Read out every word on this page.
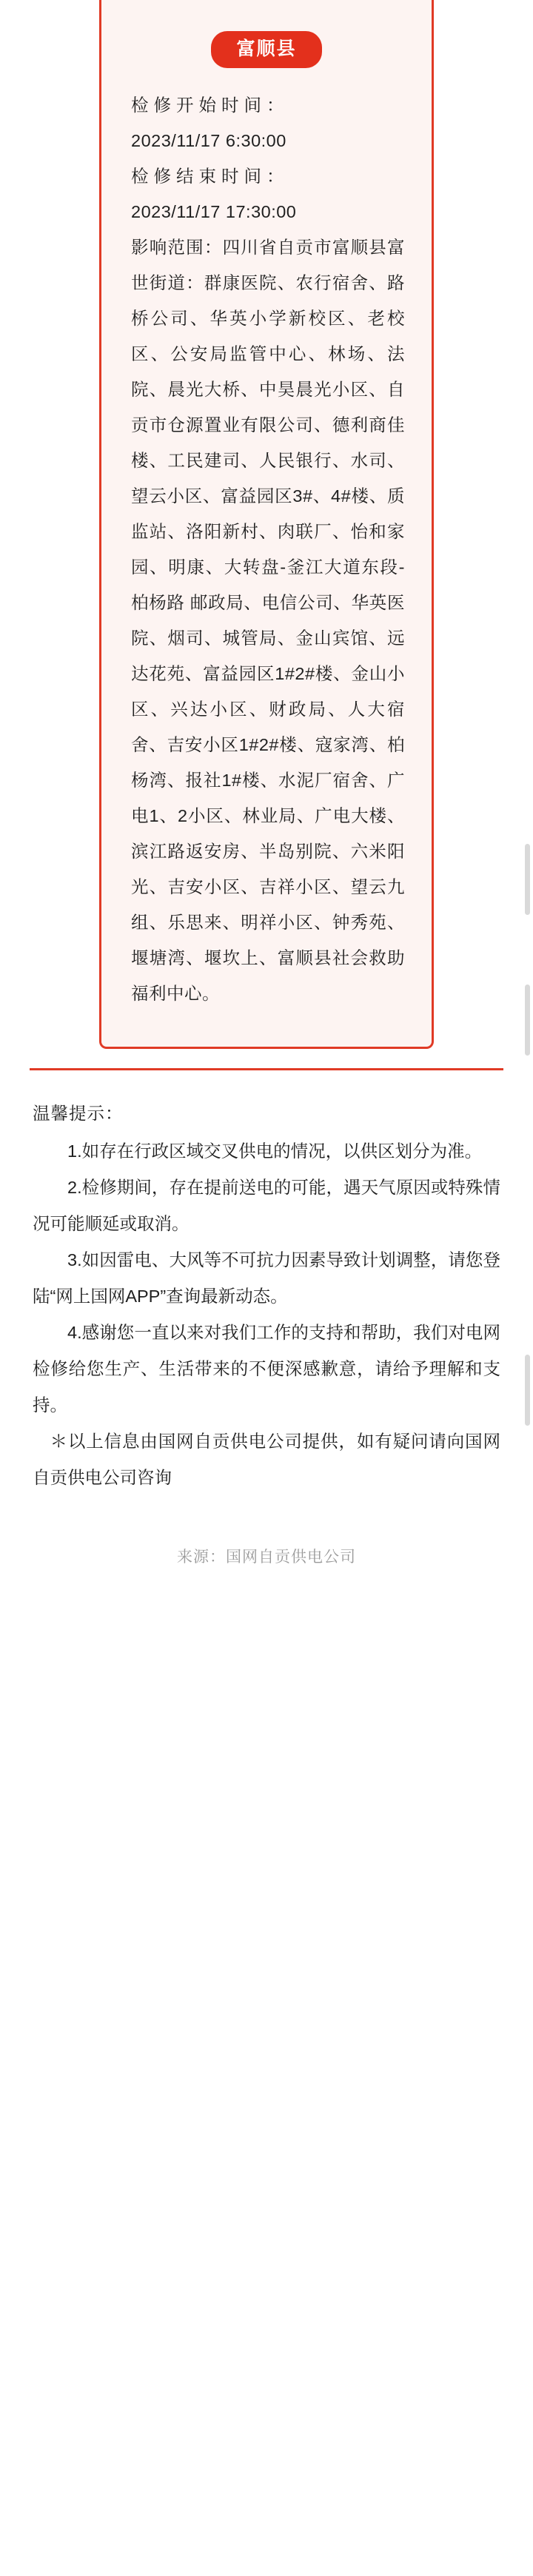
富顺县
检修开始时间：
2023/11/17 6:30:00
检修结束时间：
2023/11/17 17:30:00
影响范围：四川省自贡市富顺县富世街道：群康医院、农行宿舍、路桥公司、华英小学新校区、老校区、公安局监管中心、林场、法院、晨光大桥、中昊晨光小区、自贡市仓源置业有限公司、德利商佳楼、工民建司、人民银行、水司、望云小区、富益园区3#、4#楼、质监站、洛阳新村、肉联厂、怡和家园、明康、大转盘-釜江大道东段-柏杨路 邮政局、电信公司、华英医院、烟司、城管局、金山宾馆、远达花苑、富益园区1#2#楼、金山小区、兴达小区、财政局、人大宿舍、吉安小区1#2#楼、寇家湾、柏杨湾、报社1#楼、水泥厂宿舍、广电1、2小区、林业局、广电大楼、滨江路返安房、半岛别院、六米阳光、吉安小区、吉祥小区、望云九组、乐思来、明祥小区、钟秀苑、堰塘湾、堰坎上、富顺县社会救助福利中心。
温馨提示：

1.如存在行政区域交叉供电的情况，以供区划分为准。

2.检修期间，存在提前送电的可能，遇天气原因或特殊情况可能顺延或取消。

3.如因雷电、大风等不可抗力因素导致计划调整，请您登陆“网上国网APP”查询最新动态。

4.感谢您一直以来对我们工作的支持和帮助，我们对电网检修给您生产、生活带来的不便深感歉意，请给予理解和支持。

＊以上信息由国网自贡供电公司提供，如有疑问请向国网自贡供电公司咨询

来源：国网自贡供电公司
